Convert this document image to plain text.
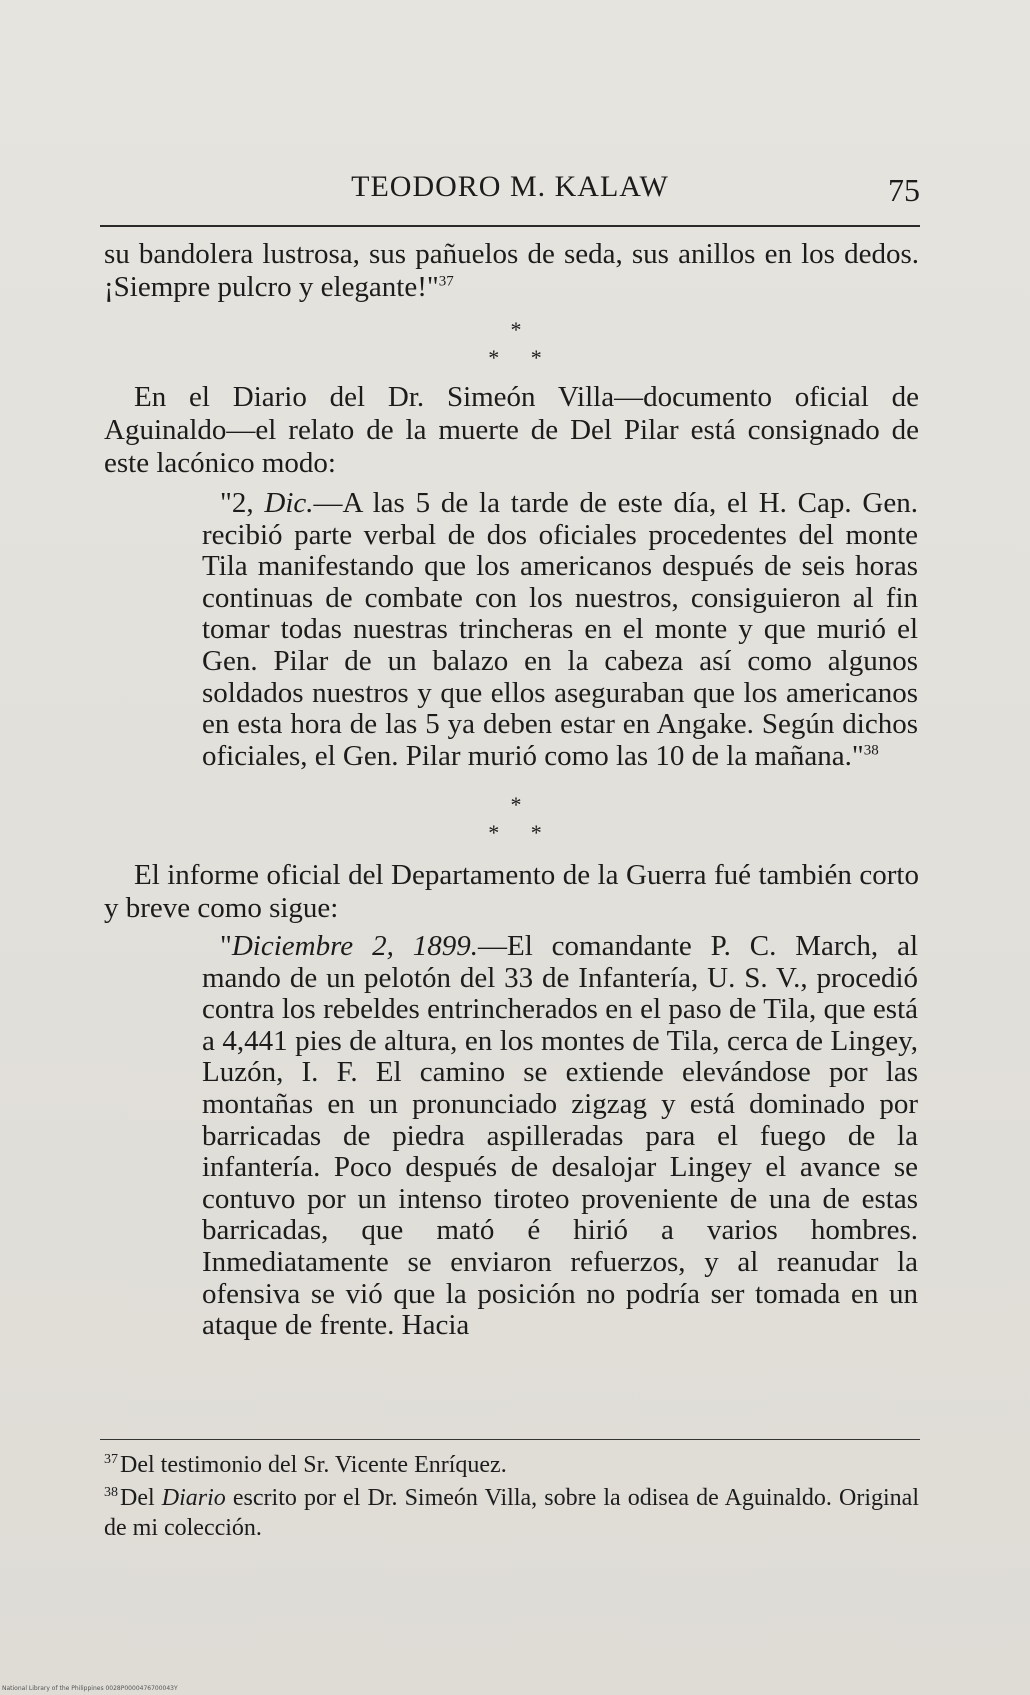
TEODORO M. KALAW	75

su bandolera lustrosa, sus pañuelos de seda, sus anillos en los dedos. ¡Siempre pulcro y elegante!"$^{37}$

*
* *

En el Diario del Dr. Simeón Villa—documento oficial de Aguinaldo—el relato de la muerte de Del Pilar está consignado de este lacónico modo:

"2, Dic.—A las 5 de la tarde de este día, el H. Cap. Gen. recibió parte verbal de dos oficiales procedentes del monte Tila manifestando que los americanos después de seis horas continuas de combate con los nuestros, consiguieron al fin tomar todas nuestras trincheras en el monte y que murió el Gen. Pilar de un balazo en la cabeza así como algunos soldados nuestros y que ellos aseguraban que los americanos en esta hora de las 5 ya deben estar en Angake. Según dichos oficiales, el Gen. Pilar murió como las 10 de la mañana."$^{38}$

*
* *

El informe oficial del Departamento de la Guerra fué también corto y breve como sigue:

"Diciembre 2, 1899.—El comandante P. C. March, al mando de un pelotón del 33 de Infantería, U. S. V., procedió contra los rebeldes entrincherados en el paso de Tila, que está a 4,441 pies de altura, en los montes de Tila, cerca de Lingey, Luzón, I. F. El camino se extiende elevándose por las montañas en un pronunciado zigzag y está dominado por barricadas de piedra aspilleradas para el fuego de la infantería. Poco después de desalojar Lingey el avance se contuvo por un intenso tiroteo proveniente de una de estas barricadas, que mató é hirió a varios hombres. Inmediatamente se enviaron refuerzos, y al reanudar la ofensiva se vió que la posición no podría ser tomada en un ataque de frente. Hacia

$^{37}$Del testimonio del Sr. Vicente Enríquez.

$^{38}$Del Diario escrito por el Dr. Simeón Villa, sobre la odisea de Aguinaldo. Original de mi colección.

National Library of the Philippines 0028P0000476700043Y
